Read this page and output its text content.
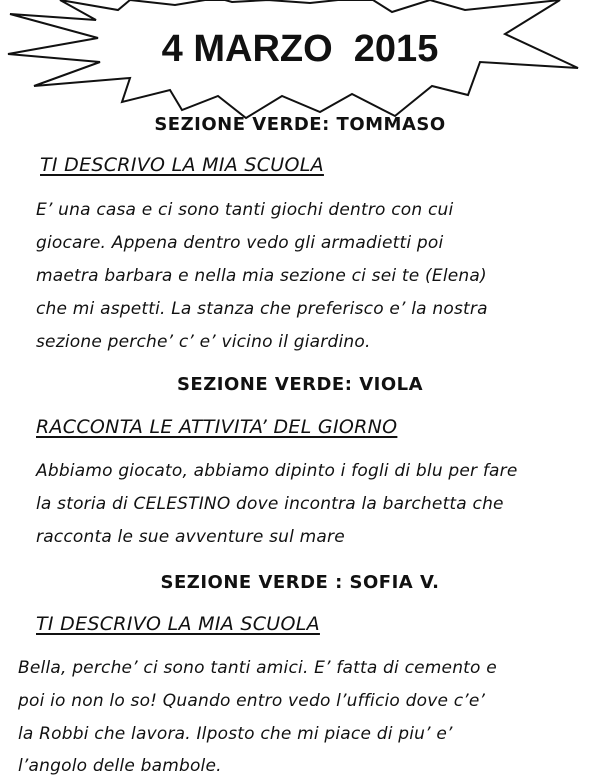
4 MARZO  2015
SEZIONE VERDE: TOMMASO
TI DESCRIVO LA MIA SCUOLA
E’ una casa e ci sono tanti giochi dentro con cui
giocare. Appena dentro vedo gli armadietti poi
maetra barbara e nella mia sezione ci sei te (Elena)
che mi aspetti. La stanza che preferisco e’ la nostra
sezione perche’ c’ e’ vicino il giardino.
SEZIONE VERDE: VIOLA
RACCONTA LE ATTIVITA’ DEL GIORNO
Abbiamo giocato, abbiamo dipinto i fogli di blu per fare
la storia di CELESTINO dove incontra la barchetta che
racconta le sue avventure sul mare
SEZIONE VERDE : SOFIA V.
TI DESCRIVO LA MIA SCUOLA
Bella, perche’ ci sono tanti amici. E’ fatta di cemento e
poi io non lo so! Quando entro vedo l’ufficio dove c’e’
la Robbi che lavora. Ilposto che mi piace di piu’ e’
l’angolo delle bambole.
